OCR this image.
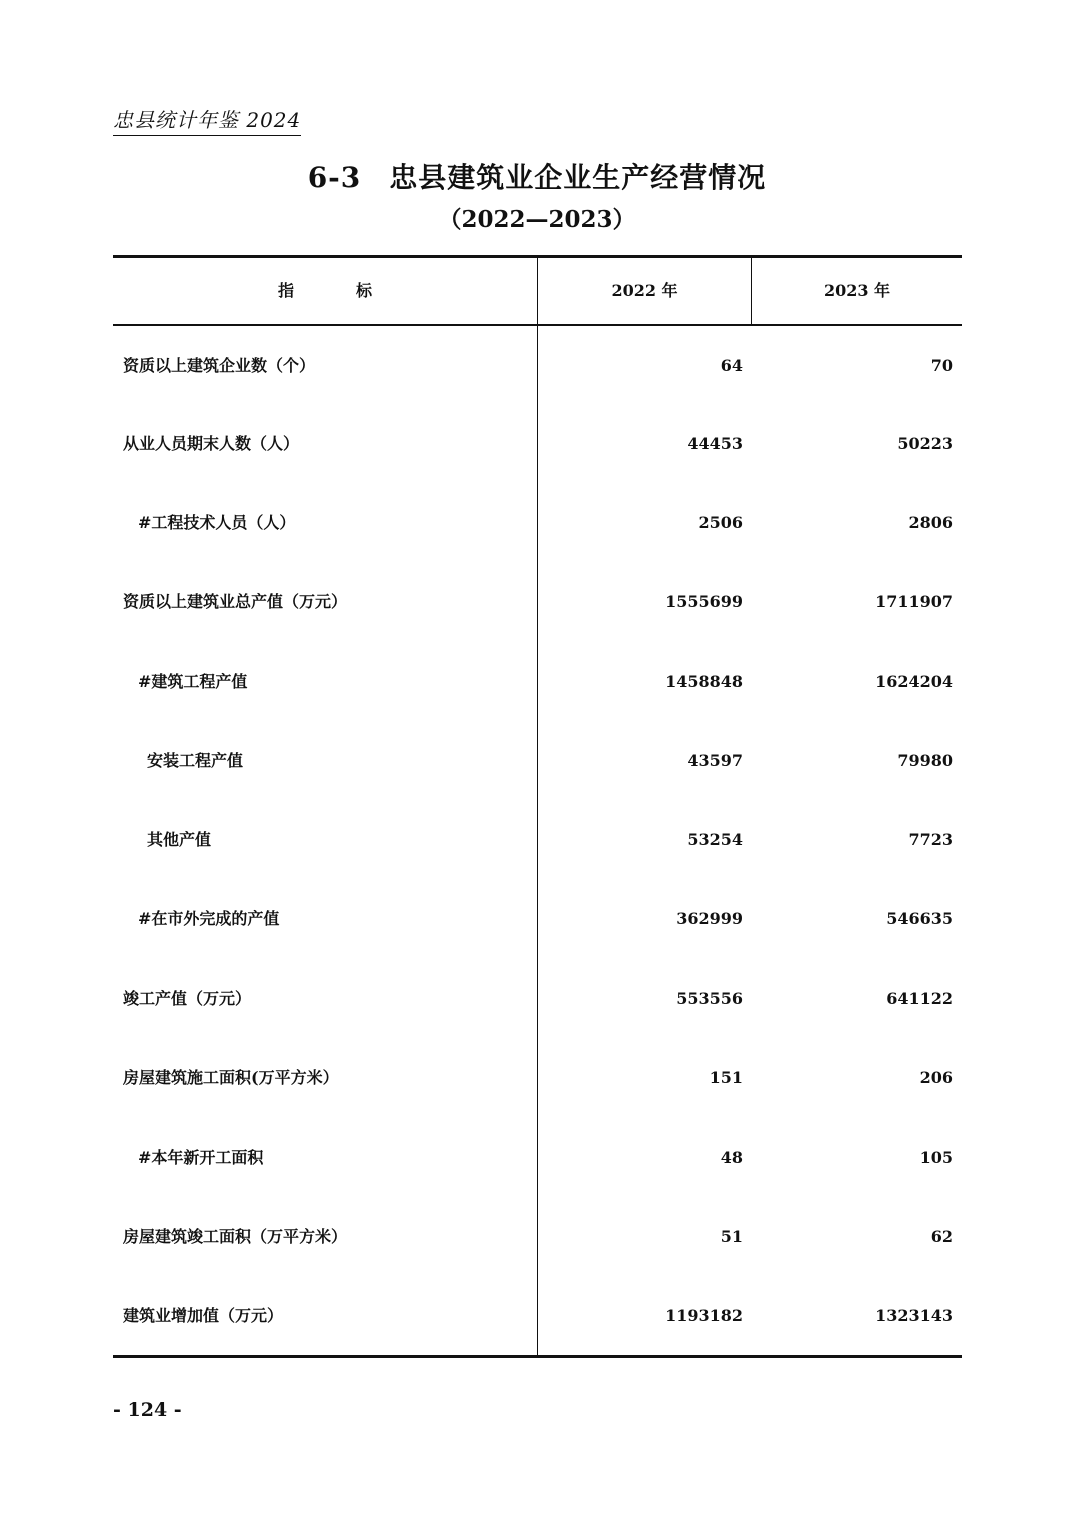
忠县统计年鉴 2024
6-3 忠县建筑业企业生产经营情况
（2022—2023）
指	标	2022 年	2023 年
资质以上建筑企业数（个）	64	70
从业人员期末人数（人）	44453	50223
#工程技术人员（人）	2506	2806
资质以上建筑业总产值（万元）	1555699	1711907
#建筑工程产值	1458848	1624204
安装工程产值	43597	79980
其他产值	53254	7723
#在市外完成的产值	362999	546635
竣工产值（万元）	553556	641122
房屋建筑施工面积(万平方米）	151	206
#本年新开工面积	48	105
房屋建筑竣工面积（万平方米）	51	62
建筑业增加值（万元）	1193182	1323143
- 124 -
